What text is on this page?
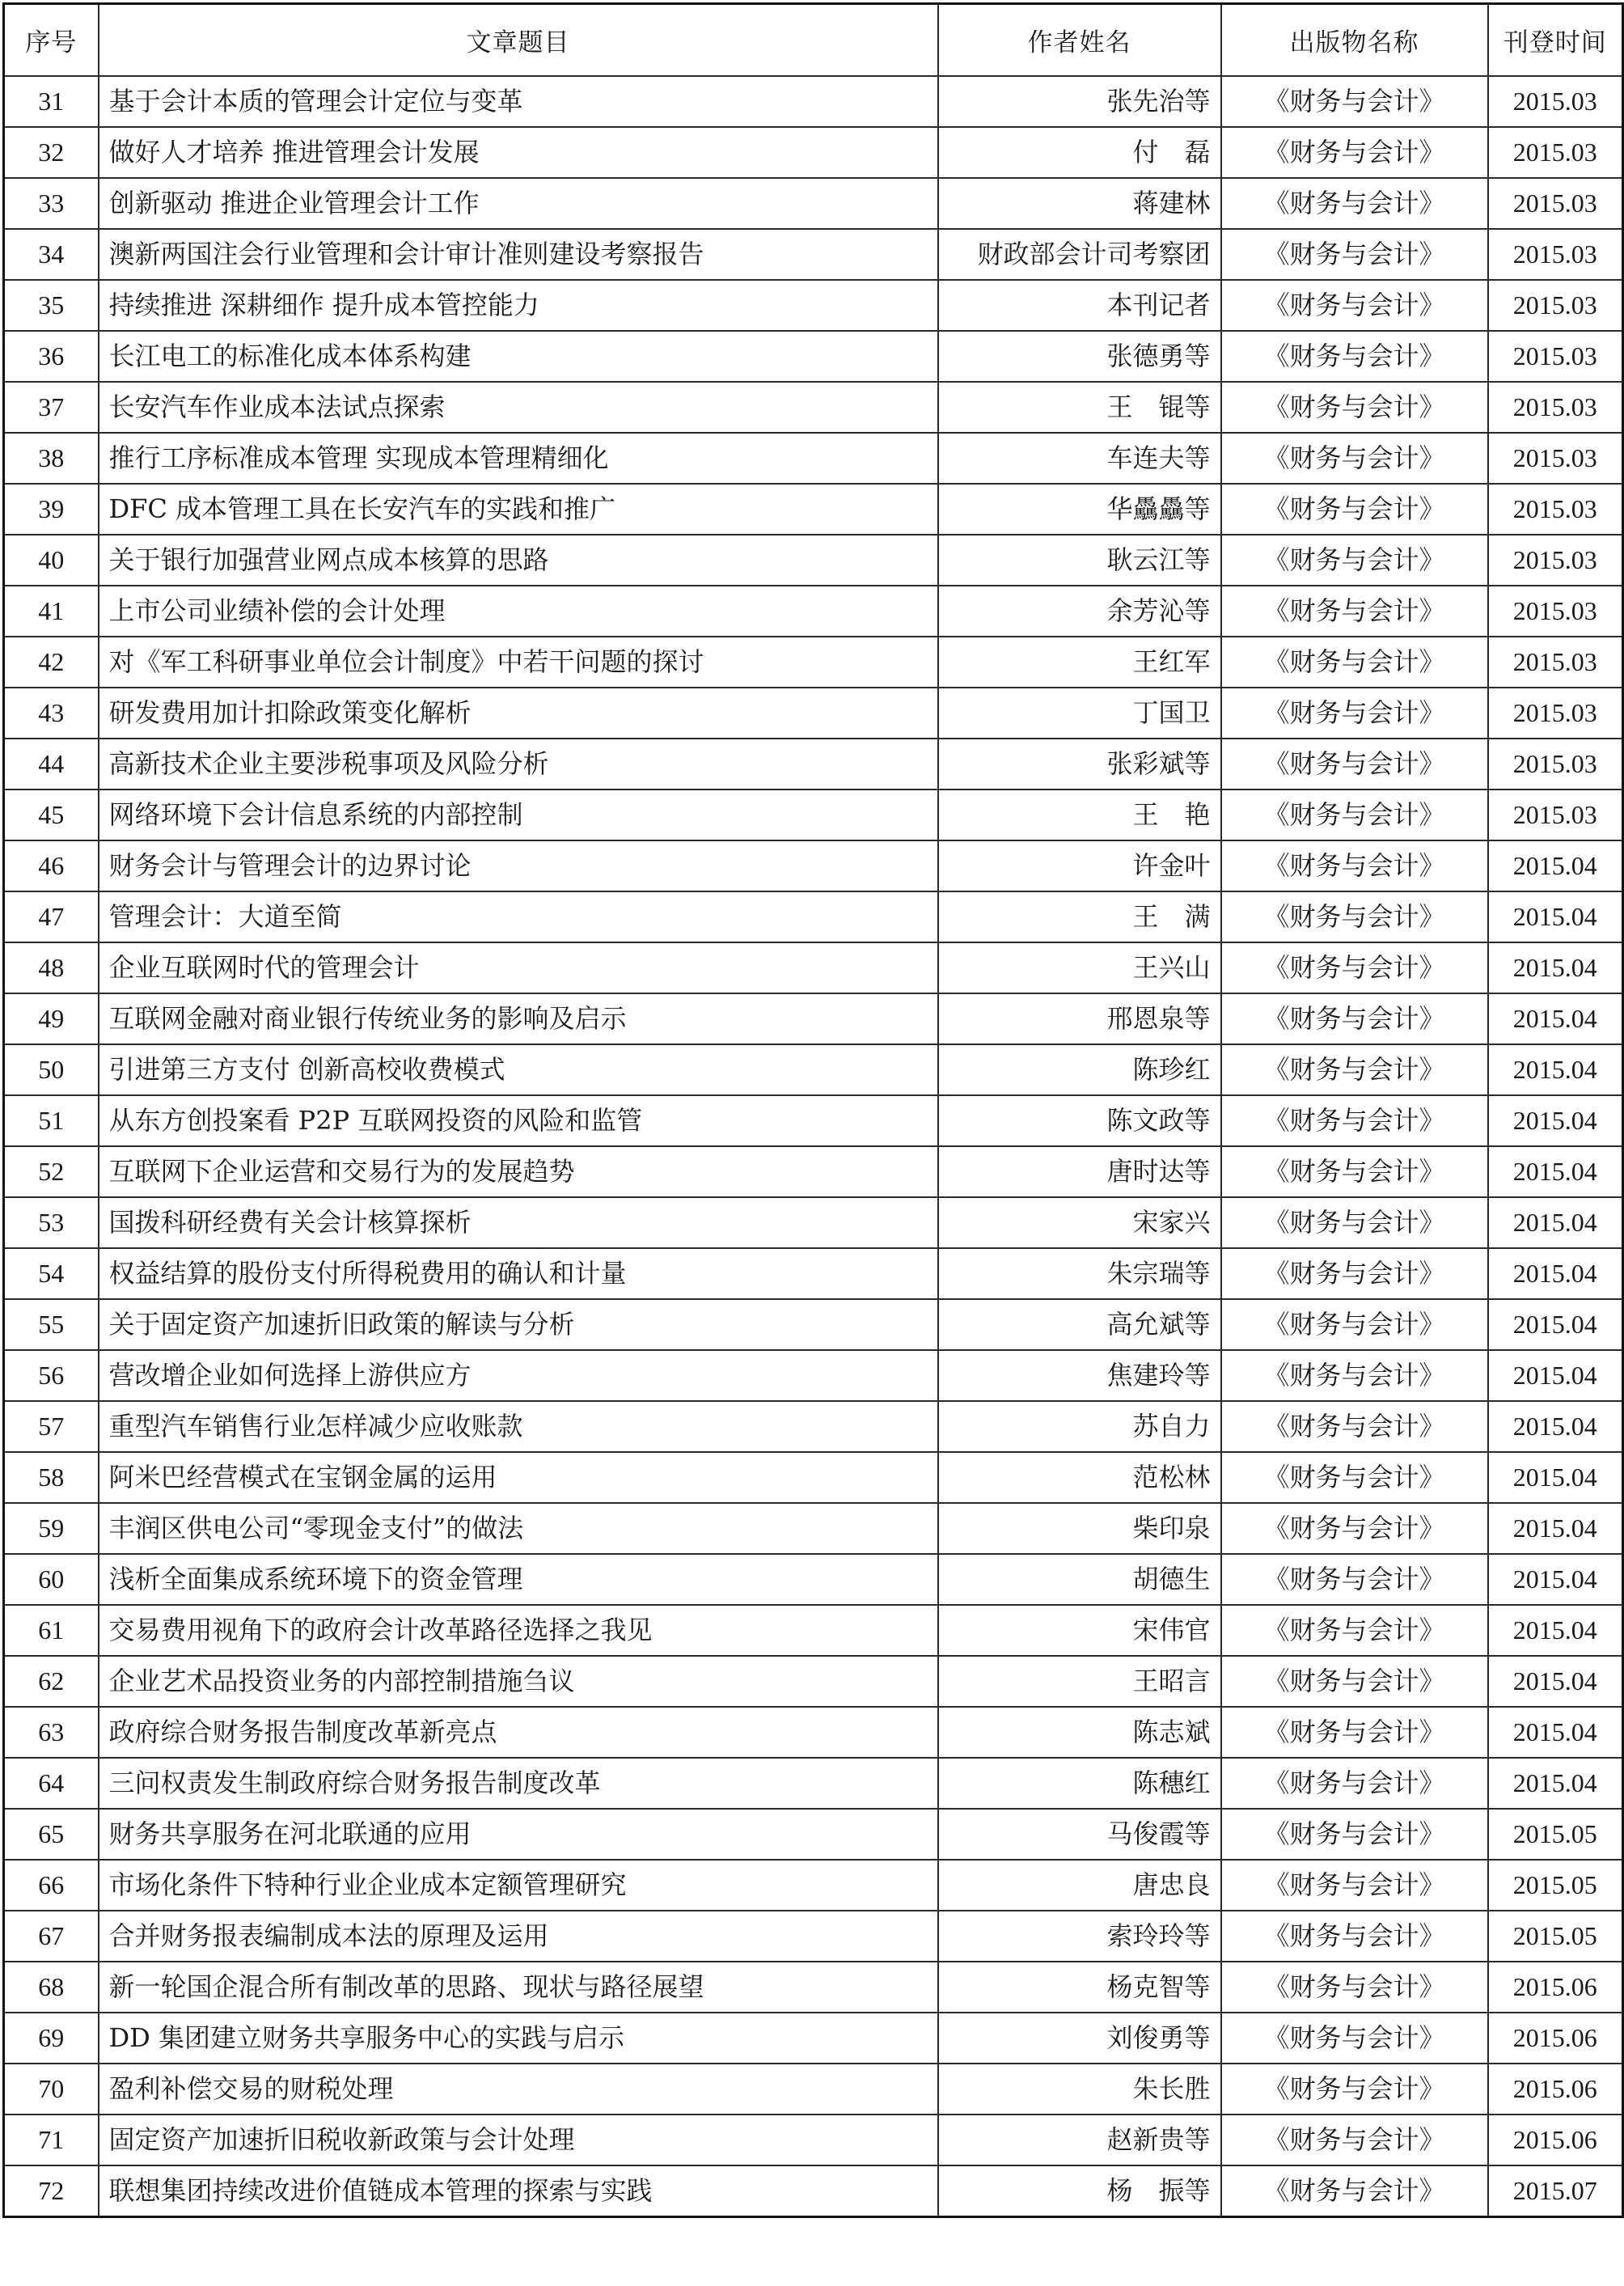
序号	文章题目	作者姓名	出版物名称	刊登时间
31	基于会计本质的管理会计定位与变革	张先治等	《财务与会计》	2015.03
32	做好人才培养 推进管理会计发展	付　磊	《财务与会计》	2015.03
33	创新驱动 推进企业管理会计工作	蒋建林	《财务与会计》	2015.03
34	澳新两国注会行业管理和会计审计准则建设考察报告	财政部会计司考察团	《财务与会计》	2015.03
35	持续推进 深耕细作 提升成本管控能力	本刊记者	《财务与会计》	2015.03
36	长江电工的标准化成本体系构建	张德勇等	《财务与会计》	2015.03
37	长安汽车作业成本法试点探索	王　锟等	《财务与会计》	2015.03
38	推行工序标准成本管理 实现成本管理精细化	车连夫等	《财务与会计》	2015.03
39	DFC 成本管理工具在长安汽车的实践和推广	华驫驫等	《财务与会计》	2015.03
40	关于银行加强营业网点成本核算的思路	耿云江等	《财务与会计》	2015.03
41	上市公司业绩补偿的会计处理	余芳沁等	《财务与会计》	2015.03
42	对《军工科研事业单位会计制度》中若干问题的探讨	王红军	《财务与会计》	2015.03
43	研发费用加计扣除政策变化解析	丁国卫	《财务与会计》	2015.03
44	高新技术企业主要涉税事项及风险分析	张彩斌等	《财务与会计》	2015.03
45	网络环境下会计信息系统的内部控制	王　艳	《财务与会计》	2015.03
46	财务会计与管理会计的边界讨论	许金叶	《财务与会计》	2015.04
47	管理会计：大道至简	王　满	《财务与会计》	2015.04
48	企业互联网时代的管理会计	王兴山	《财务与会计》	2015.04
49	互联网金融对商业银行传统业务的影响及启示	邢恩泉等	《财务与会计》	2015.04
50	引进第三方支付 创新高校收费模式	陈珍红	《财务与会计》	2015.04
51	从东方创投案看 P2P 互联网投资的风险和监管	陈文政等	《财务与会计》	2015.04
52	互联网下企业运营和交易行为的发展趋势	唐时达等	《财务与会计》	2015.04
53	国拨科研经费有关会计核算探析	宋家兴	《财务与会计》	2015.04
54	权益结算的股份支付所得税费用的确认和计量	朱宗瑞等	《财务与会计》	2015.04
55	关于固定资产加速折旧政策的解读与分析	高允斌等	《财务与会计》	2015.04
56	营改增企业如何选择上游供应方	焦建玲等	《财务与会计》	2015.04
57	重型汽车销售行业怎样减少应收账款	苏自力	《财务与会计》	2015.04
58	阿米巴经营模式在宝钢金属的运用	范松林	《财务与会计》	2015.04
59	丰润区供电公司“零现金支付”的做法	柴印泉	《财务与会计》	2015.04
60	浅析全面集成系统环境下的资金管理	胡德生	《财务与会计》	2015.04
61	交易费用视角下的政府会计改革路径选择之我见	宋伟官	《财务与会计》	2015.04
62	企业艺术品投资业务的内部控制措施刍议	王昭言	《财务与会计》	2015.04
63	政府综合财务报告制度改革新亮点	陈志斌	《财务与会计》	2015.04
64	三问权责发生制政府综合财务报告制度改革	陈穗红	《财务与会计》	2015.04
65	财务共享服务在河北联通的应用	马俊霞等	《财务与会计》	2015.05
66	市场化条件下特种行业企业成本定额管理研究	唐忠良	《财务与会计》	2015.05
67	合并财务报表编制成本法的原理及运用	索玲玲等	《财务与会计》	2015.05
68	新一轮国企混合所有制改革的思路、现状与路径展望	杨克智等	《财务与会计》	2015.06
69	DD 集团建立财务共享服务中心的实践与启示	刘俊勇等	《财务与会计》	2015.06
70	盈利补偿交易的财税处理	朱长胜	《财务与会计》	2015.06
71	固定资产加速折旧税收新政策与会计处理	赵新贵等	《财务与会计》	2015.06
72	联想集团持续改进价值链成本管理的探索与实践	杨　振等	《财务与会计》	2015.07
